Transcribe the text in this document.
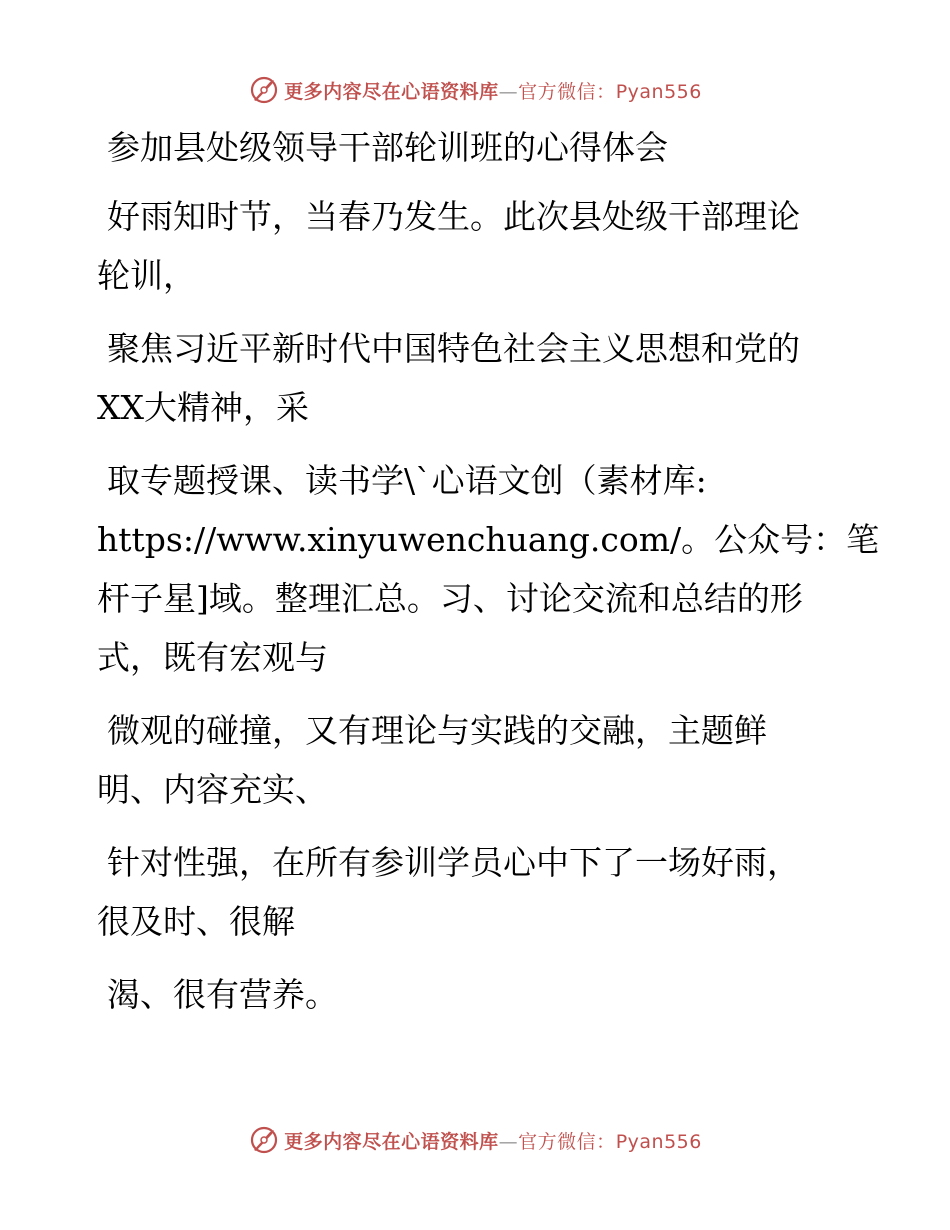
更多内容尽在心语资料库—官方微信：Pyan556
参加县处级领导干部轮训班的心得体会
好雨知时节，当春乃发生。此次县处级干部理论
轮训，
聚焦习近平新时代中国特色社会主义思想和党的
XX大精神，采
取专题授课、读书学\`心语文创（素材库:
https://www.xinyuwenchuang.com/。公众号：笔
杆子星]域。整理汇总。习、讨论交流和总结的形
式，既有宏观与
微观的碰撞，又有理论与实践的交融，主题鲜
明、内容充实、
针对性强，在所有参训学员心中下了一场好雨，
很及时、很解
渴、很有营养。
更多内容尽在心语资料库—官方微信：Pyan556
